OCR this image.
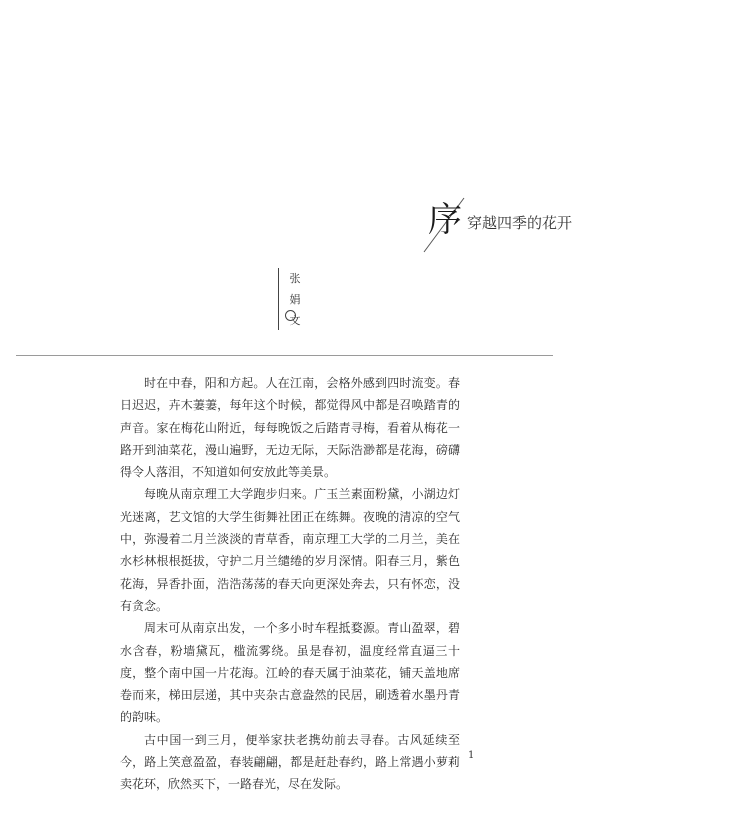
序 穿越四季的花开
张
娟
文

时在中春，阳和方起。人在江南，会格外感到四时流变。春日迟迟，卉木萋萋，每年这个时候，都觉得风中都是召唤踏青的声音。家在梅花山附近，每每晚饭之后踏青寻梅，看着从梅花一路开到油菜花，漫山遍野，无边无际，天际浩渺都是花海，磅礴得令人落泪，不知道如何安放此等美景。

每晚从南京理工大学跑步归来。广玉兰素面粉黛，小湖边灯光迷离，艺文馆的大学生街舞社团正在练舞。夜晚的清凉的空气中，弥漫着二月兰淡淡的青草香，南京理工大学的二月兰，美在水杉林根根挺拔，守护二月兰缱绻的岁月深情。阳春三月，紫色花海，异香扑面，浩浩荡荡的春天向更深处奔去，只有怀恋，没有贪念。

周末可从南京出发，一个多小时车程抵婺源。青山盈翠，碧水含春，粉墙黛瓦，槛流雾绕。虽是春初，温度经常直逼三十度，整个南中国一片花海。江岭的春天属于油菜花，铺天盖地席卷而来，梯田层递，其中夹杂古意盎然的民居，刷透着水墨丹青的韵味。

古中国一到三月，便举家扶老携幼前去寻春。古风延续至今，路上笑意盈盈，春装翩翩，都是赶赴春约，路上常遇小萝莉卖花环，欣然买下，一路春光，尽在发际。

1
